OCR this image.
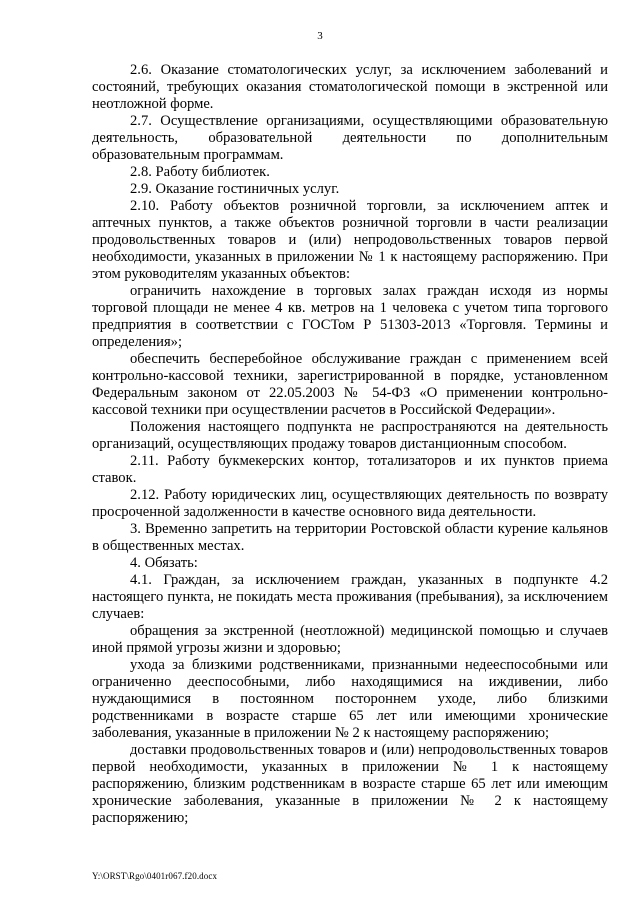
3

2.6. Оказание стоматологических услуг, за исключением заболеваний и состояний, требующих оказания стоматологической помощи в экстренной или неотложной форме.

2.7. Осуществление организациями, осуществляющими образовательную деятельность, образовательной деятельности по дополнительным образовательным программам.

2.8. Работу библиотек.

2.9. Оказание гостиничных услуг.

2.10. Работу объектов розничной торговли, за исключением аптек и аптечных пунктов, а также объектов розничной торговли в части реализации продовольственных товаров и (или) непродовольственных товаров первой необходимости, указанных в приложении № 1 к настоящему распоряжению. При этом руководителям указанных объектов:

ограничить нахождение в торговых залах граждан исходя из нормы торговой площади не менее 4 кв. метров на 1 человека с учетом типа торгового предприятия в соответствии с ГОСТом Р 51303-2013 «Торговля. Термины и определения»;

обеспечить бесперебойное обслуживание граждан с применением всей контрольно-кассовой техники, зарегистрированной в порядке, установленном Федеральным законом от 22.05.2003 № 54-ФЗ «О применении контрольно-кассовой техники при осуществлении расчетов в Российской Федерации».

Положения настоящего подпункта не распространяются на деятельность организаций, осуществляющих продажу товаров дистанционным способом.

2.11. Работу букмекерских контор, тотализаторов и их пунктов приема ставок.

2.12. Работу юридических лиц, осуществляющих деятельность по возврату просроченной задолженности в качестве основного вида деятельности.

3. Временно запретить на территории Ростовской области курение кальянов в общественных местах.

4. Обязать:

4.1. Граждан, за исключением граждан, указанных в подпункте 4.2 настоящего пункта, не покидать места проживания (пребывания), за исключением случаев:

обращения за экстренной (неотложной) медицинской помощью и случаев иной прямой угрозы жизни и здоровью;

ухода за близкими родственниками, признанными недееспособными или ограниченно дееспособными, либо находящимися на иждивении, либо нуждающимися в постоянном постороннем уходе, либо близкими родственниками в возрасте старше 65 лет или имеющими хронические заболевания, указанные в приложении № 2 к настоящему распоряжению;

доставки продовольственных товаров и (или) непродовольственных товаров первой необходимости, указанных в приложении № 1 к настоящему распоряжению, близким родственникам в возрасте старше 65 лет или имеющим хронические заболевания, указанные в приложении № 2 к настоящему распоряжению;

Y:\ORST\Rgo\0401r067.f20.docx
